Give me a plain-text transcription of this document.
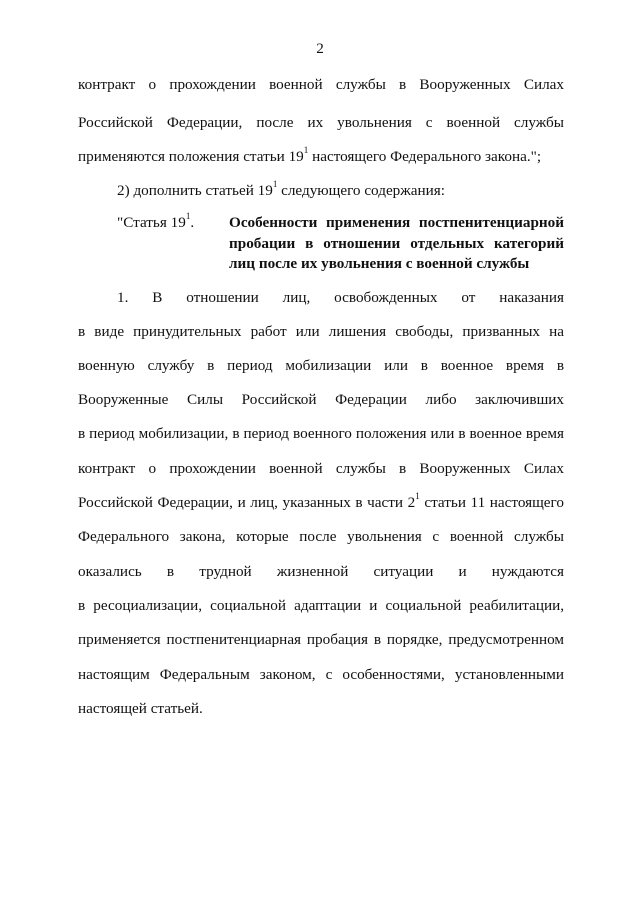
2
контракт о прохождении военной службы в Вооруженных Силах
Российской Федерации, после их увольнения с военной службы
применяются положения статьи $19^1$ настоящего Федерального закона.";
2) дополнить статьей $19^1$ следующего содержания:
"Статья $19^1$. Особенности применения постпенитенциарной
пробации в отношении отдельных категорий
лиц после их увольнения с военной службы
1. В отношении лиц, освобожденных от наказания
в виде принудительных работ или лишения свободы, призванных на
военную службу в период мобилизации или в военное время в
Вооруженные Силы Российской Федерации либо заключивших
в период мобилизации, в период военного положения или в военное время
контракт о прохождении военной службы в Вооруженных Силах
Российской Федерации, и лиц, указанных в части $2^1$ статьи 11 настоящего
Федерального закона, которые после увольнения с военной службы
оказались в трудной жизненной ситуации и нуждаются
в ресоциализации, социальной адаптации и социальной реабилитации,
применяется постпенитенциарная пробация в порядке, предусмотренном
настоящим Федеральным законом, с особенностями, установленными
настоящей статьей.
